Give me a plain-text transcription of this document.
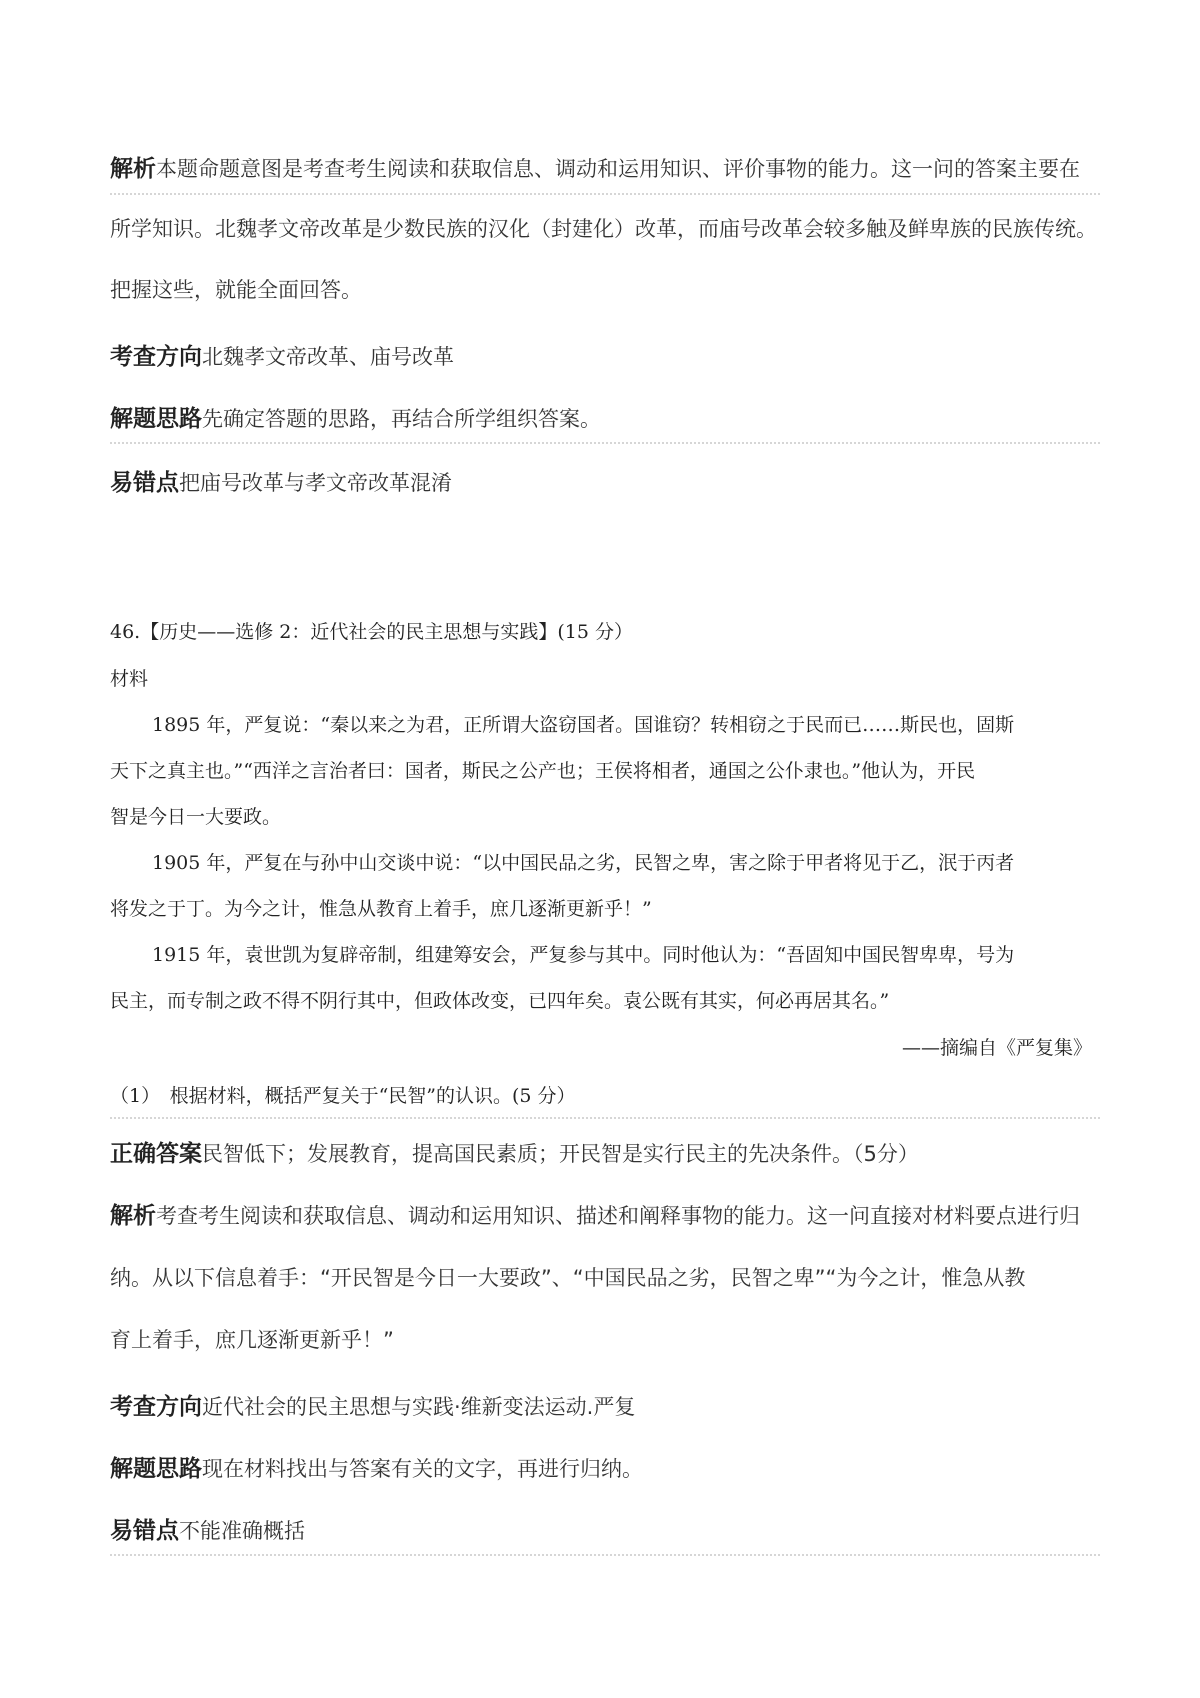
解析本题命题意图是考查考生阅读和获取信息、调动和运用知识、评价事物的能力。这一问的答案主要在
所学知识。北魏孝文帝改革是少数民族的汉化（封建化）改革，而庙号改革会较多触及鲜卑族的民族传统。
把握这些，就能全面回答。
考查方向北魏孝文帝改革、庙号改革
解题思路先确定答题的思路，再结合所学组织答案。
易错点把庙号改革与孝文帝改革混淆
46.【历史——选修 2：近代社会的民主思想与实践】(15 分）
材料
1895 年，严复说：“秦以来之为君，正所谓大盗窃国者。国谁窃？转相窃之于民而已……斯民也，固斯
天下之真主也。”“西洋之言治者曰：国者，斯民之公产也；王侯将相者，通国之公仆隶也。”他认为，开民
智是今日一大要政。
1905 年，严复在与孙中山交谈中说：“以中国民品之劣，民智之卑，害之除于甲者将见于乙，泯于丙者
将发之于丁。为今之计，惟急从教育上着手，庶几逐渐更新乎！”
1915 年，袁世凯为复辟帝制，组建筹安会，严复参与其中。同时他认为：“吾固知中国民智卑卑，号为
民主，而专制之政不得不阴行其中，但政体改变，已四年矣。袁公既有其实，何必再居其名。”
——摘编自《严复集》
（1）　根据材料，概括严复关于“民智”的认识。(5 分）
正确答案民智低下；发展教育，提高国民素质；开民智是实行民主的先决条件。（5分）
解析考查考生阅读和获取信息、调动和运用知识、描述和阐释事物的能力。这一问直接对材料要点进行归
纳。从以下信息着手：“开民智是今日一大要政”、“中国民品之劣，民智之卑”“为今之计，惟急从教
育上着手，庶几逐渐更新乎！”
考查方向近代社会的民主思想与实践·维新变法运动.严复
解题思路现在材料找出与答案有关的文字，再进行归纳。
易错点不能准确概括
